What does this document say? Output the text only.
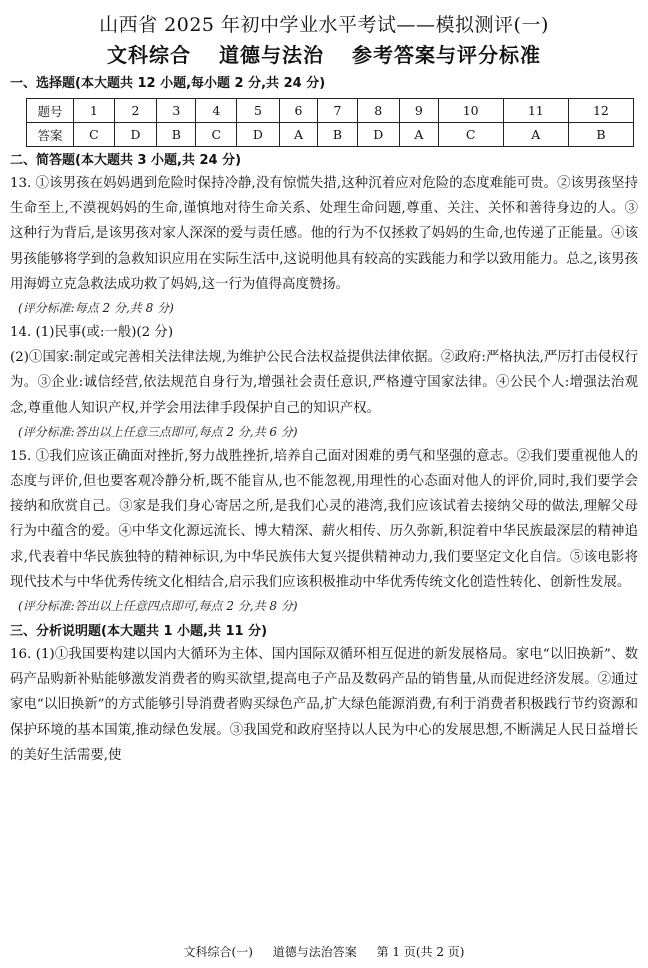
山西省 2025 年初中学业水平考试——模拟测评(一)
文科综合 道德与法治 参考答案与评分标准
一、选择题(本大题共 12 小题,每小题 2 分,共 24 分)
题号	1	2	3	4	5	6	7	8	9	10	11	12
答案	C	D	B	C	D	A	B	D	A	C	A	B
二、简答题(本大题共 3 小题,共 24 分)

13. ①该男孩在妈妈遇到危险时保持冷静,没有惊慌失措,这种沉着应对危险的态度难能可贵。②该男孩坚持生命至上,不漠视妈妈的生命,谨慎地对待生命关系、处理生命问题,尊重、关注、关怀和善待身边的人。③这种行为背后,是该男孩对家人深深的爱与责任感。他的行为不仅拯救了妈妈的生命,也传递了正能量。④该男孩能够将学到的急救知识应用在实际生活中,这说明他具有较高的实践能力和学以致用能力。总之,该男孩用海姆立克急救法成功救了妈妈,这一行为值得高度赞扬。

(评分标准:每点 2 分,共 8 分)

14. (1)民事(或:一般)(2 分)

(2)①国家:制定或完善相关法律法规,为维护公民合法权益提供法律依据。②政府:严格执法,严厉打击侵权行为。③企业:诚信经营,依法规范自身行为,增强社会责任意识,严格遵守国家法律。④公民个人:增强法治观念,尊重他人知识产权,并学会用法律手段保护自己的知识产权。

(评分标准:答出以上任意三点即可,每点 2 分,共 6 分)

15. ①我们应该正确面对挫折,努力战胜挫折,培养自己面对困难的勇气和坚强的意志。②我们要重视他人的态度与评价,但也要客观冷静分析,既不能盲从,也不能忽视,用理性的心态面对他人的评价,同时,我们要学会接纳和欣赏自己。③家是我们身心寄居之所,是我们心灵的港湾,我们应该试着去接纳父母的做法,理解父母行为中蕴含的爱。④中华文化源远流长、博大精深、薪火相传、历久弥新,积淀着中华民族最深层的精神追求,代表着中华民族独特的精神标识,为中华民族伟大复兴提供精神动力,我们要坚定文化自信。⑤该电影将现代技术与中华优秀传统文化相结合,启示我们应该积极推动中华优秀传统文化创造性转化、创新性发展。

(评分标准:答出以上任意四点即可,每点 2 分,共 8 分)
三、分析说明题(本大题共 1 小题,共 11 分)

16. (1)①我国要构建以国内大循环为主体、国内国际双循环相互促进的新发展格局。家电“以旧换新”、数码产品购新补贴能够激发消费者的购买欲望,提高电子产品及数码产品的销售量,从而促进经济发展。②通过家电“以旧换新”的方式能够引导消费者购买绿色产品,扩大绿色能源消费,有利于消费者积极践行节约资源和保护环境的基本国策,推动绿色发展。③我国党和政府坚持以人民为中心的发展思想,不断满足人民日益增长的美好生活需要,使

文科综合(一) 道德与法治答案 第 1 页(共 2 页)
